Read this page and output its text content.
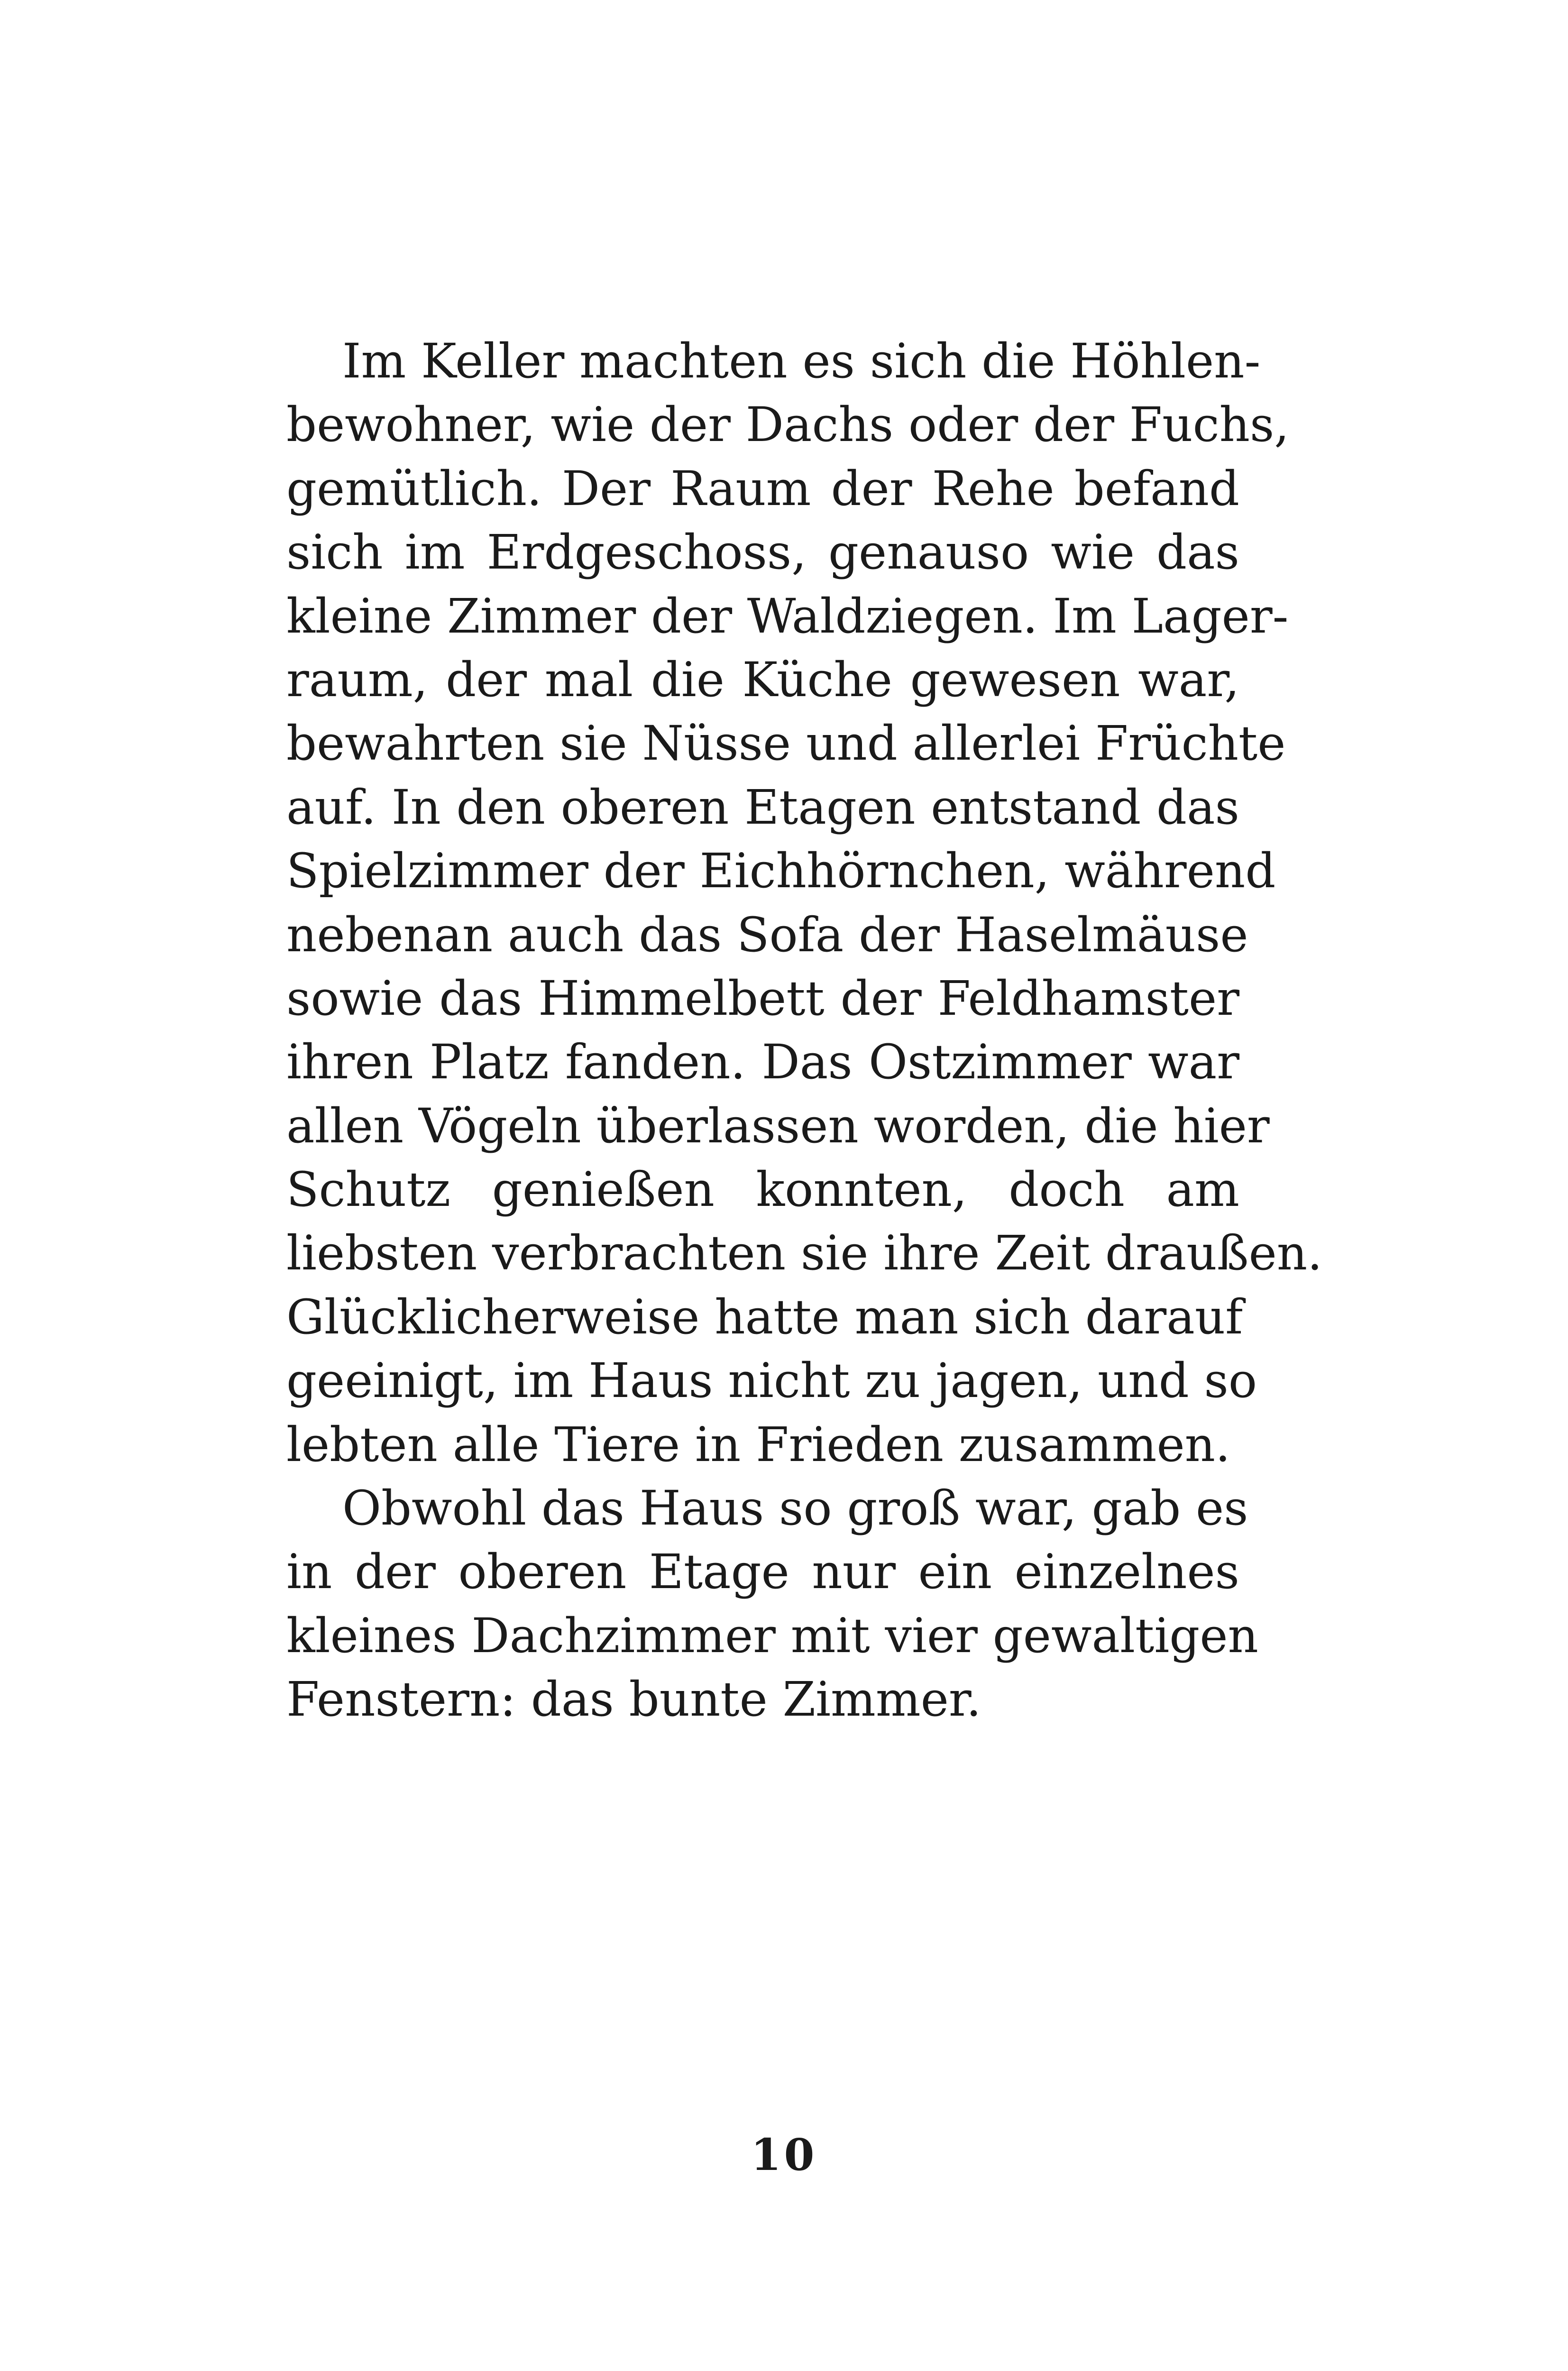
Im Keller machten es sich die Höhlen-
bewohner, wie der Dachs oder der Fuchs,
gemütlich. Der Raum der Rehe befand
sich im Erdgeschoss, genauso wie das
kleine Zimmer der Waldziegen. Im Lager-
raum, der mal die Küche gewesen war,
bewahrten sie Nüsse und allerlei Früchte
auf. In den oberen Etagen entstand das
Spielzimmer der Eichhörnchen, während
nebenan auch das Sofa der Haselmäuse
sowie das Himmelbett der Feldhamster
ihren Platz fanden. Das Ostzimmer war
allen Vögeln überlassen worden, die hier
Schutz genießen konnten, doch am
liebsten verbrachten sie ihre Zeit draußen.
Glücklicherweise hatte man sich darauf
geeinigt, im Haus nicht zu jagen, und so
lebten alle Tiere in Frieden zusammen.
Obwohl das Haus so groß war, gab es
in der oberen Etage nur ein einzelnes
kleines Dachzimmer mit vier gewaltigen
Fenstern: das bunte Zimmer.
10
